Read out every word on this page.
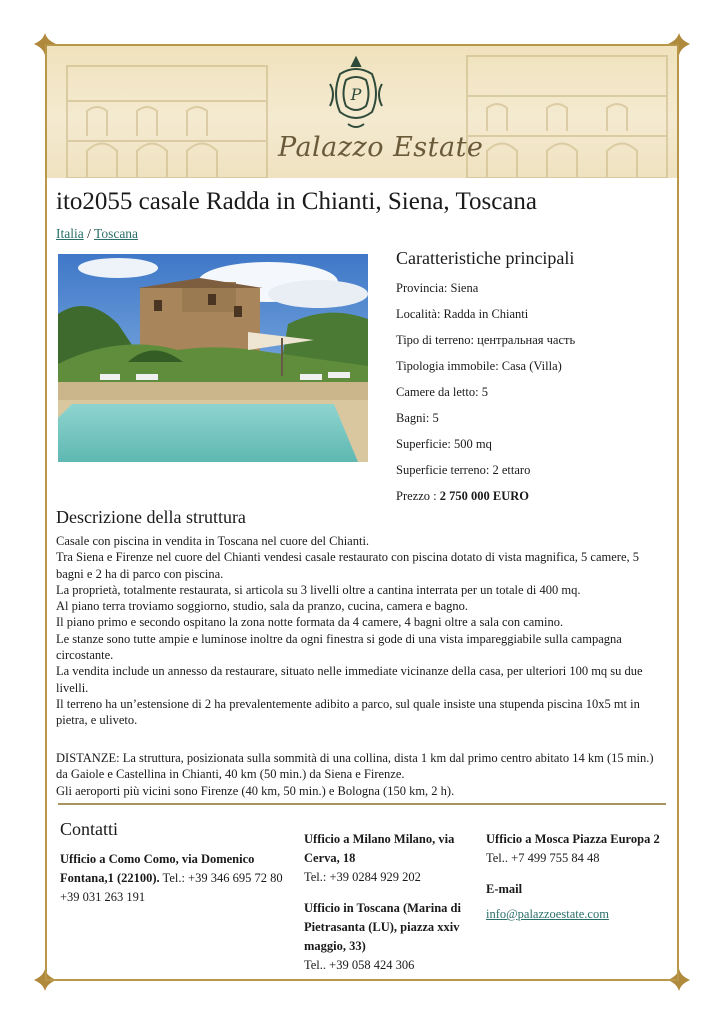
P
Palazzo Estate
ito2055 casale Radda in Chianti, Siena, Toscana
Italia / Toscana
Caratteristiche principali
Provincia: Siena
Località: Radda in Chianti
Tipo di terreno: центральная часть
Tipologia immobile: Casa (Villa)
Camere da letto: 5
Bagni: 5
Superficie: 500 mq
Superficie terreno: 2 ettaro
Prezzo : 2 750 000 EURO
Descrizione della struttura

Casale con piscina in vendita in Toscana nel cuore del Chianti.

Tra Siena e Firenze nel cuore del Chianti vendesi casale restaurato con piscina dotato di vista magnifica, 5 camere, 5 bagni e 2 ha di parco con piscina.

La proprietà, totalmente restaurata, si articola su 3 livelli oltre a cantina interrata per un totale di 400 mq.

Al piano terra troviamo soggiorno, studio, sala da pranzo, cucina, camera e bagno.

Il piano primo e secondo ospitano la zona notte formata da 4 camere, 4 bagni oltre a sala con camino.

Le stanze sono tutte ampie e luminose inoltre da ogni finestra si gode di una vista impareggiabile sulla campagna circostante.

La vendita include un annesso da restaurare, situato nelle immediate vicinanze della casa, per ulteriori 100 mq su due livelli.

Il terreno ha un’estensione di 2 ha prevalentemente adibito a parco, sul quale insiste una stupenda piscina 10x5 mt in pietra, e uliveto.

DISTANZE: La struttura, posizionata sulla sommità di una collina, dista 1 km dal primo centro abitato 14 km (15 min.) da Gaiole e Castellina in Chianti, 40 km (50 min.) da Siena e Firenze.

Gli aeroporti più vicini sono Firenze (40 km, 50 min.) e Bologna (150 km, 2 h).

Contatti
Ufficio a Como Como, via Domenico Fontana,1 (22100). Tel.: +39 346 695 72 80 +39 031 263 191
Ufficio a Milano Milano, via Cerva, 18
Tel.: +39 0284 929 202
Ufficio in Toscana (Marina di Pietrasanta (LU), piazza xxiv maggio, 33)
Tel.. +39 058 424 306
Ufficio a Mosca Piazza Europa 2
Tel.. +7 499 755 84 48
E-mail
info@palazzoestate.com
